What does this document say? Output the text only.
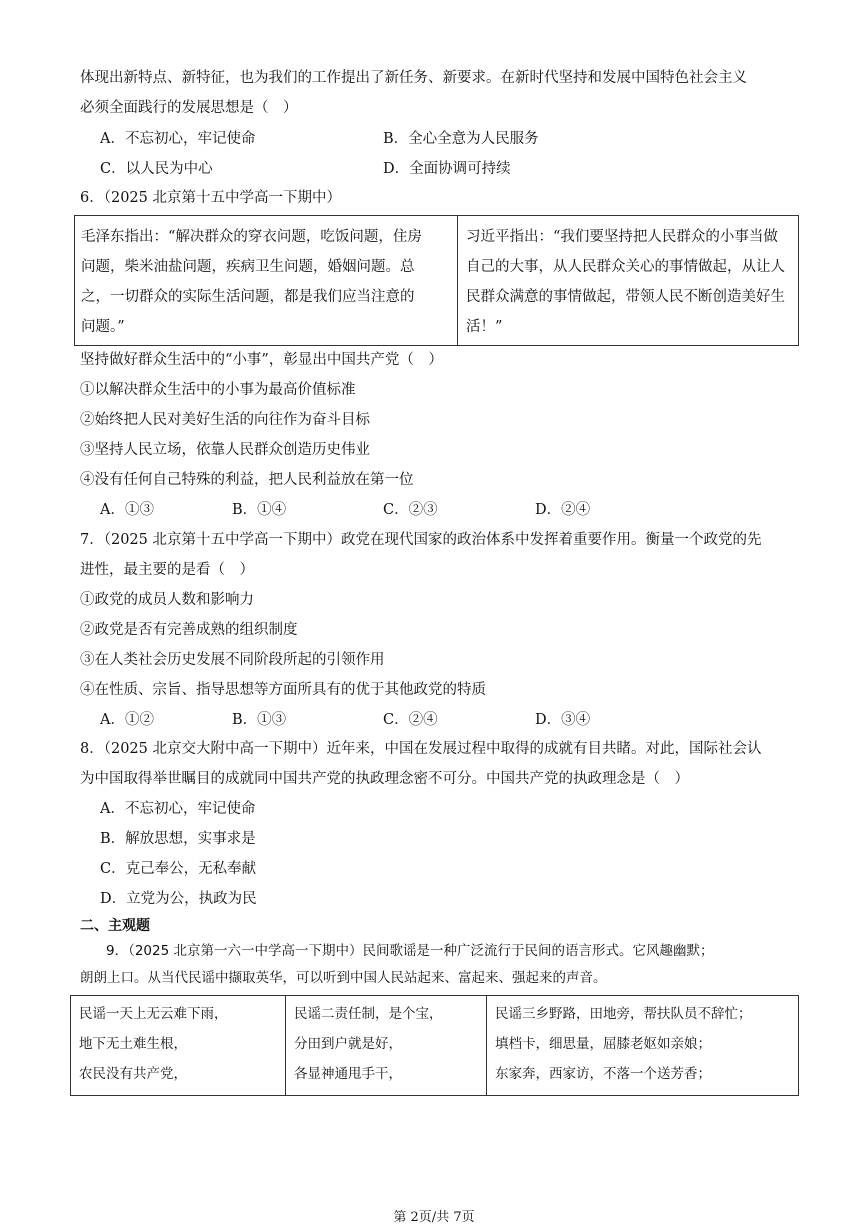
体现出新特点、新特征，也为我们的工作提出了新任务、新要求。在新时代坚持和发展中国特色社会主义
必须全面践行的发展思想是（　）
A．不忘初心，牢记使命	B．全心全意为人民服务
C．以人民为中心	D．全面协调可持续
6．（2025 北京第十五中学高一下期中）
毛泽东指出：“解决群众的穿衣问题，吃饭问题，住房
问题，柴米油盐问题，疾病卫生问题，婚姻问题。总
之，一切群众的实际生活问题，都是我们应当注意的
问题。”

习近平指出：“我们要坚持把人民群众的小事当做
自己的大事，从人民群众关心的事情做起，从让人
民群众满意的事情做起，带领人民不断创造美好生
活！”
坚持做好群众生活中的“小事”，彰显出中国共产党（　）
①以解决群众生活中的小事为最高价值标准
②始终把人民对美好生活的向往作为奋斗目标
③坚持人民立场，依靠人民群众创造历史伟业
④没有任何自己特殊的利益，把人民利益放在第一位
A．①③	B．①④	C．②③	D．②④
7．（2025 北京第十五中学高一下期中）政党在现代国家的政治体系中发挥着重要作用。衡量一个政党的先
进性，最主要的是看（　）
①政党的成员人数和影响力
②政党是否有完善成熟的组织制度
③在人类社会历史发展不同阶段所起的引领作用
④在性质、宗旨、指导思想等方面所具有的优于其他政党的特质
A．①②	B．①③	C．②④	D．③④
8．（2025 北京交大附中高一下期中）近年来，中国在发展过程中取得的成就有目共睹。对此，国际社会认
为中国取得举世瞩目的成就同中国共产党的执政理念密不可分。中国共产党的执政理念是（　）
A．不忘初心，牢记使命
B．解放思想，实事求是
C．克己奉公，无私奉献
D．立党为公，执政为民
二、主观题
9．（2025 北京第一六一中学高一下期中）民间歌谣是一种广泛流行于民间的语言形式。它风趣幽默；
朗朗上口。从当代民谣中撷取英华，可以听到中国人民站起来、富起来、强起来的声音。
民谣一天上无云难下雨，
地下无土难生根，
农民没有共产党，

民谣二责任制，是个宝，
分田到户就是好，
各显神通甩手干，

民谣三乡野路，田地旁，帮扶队员不辞忙；
填档卡，细思量，屈膝老妪如亲娘；
东家奔，西家访，不落一个送芳香；
第 2页/共 7页
